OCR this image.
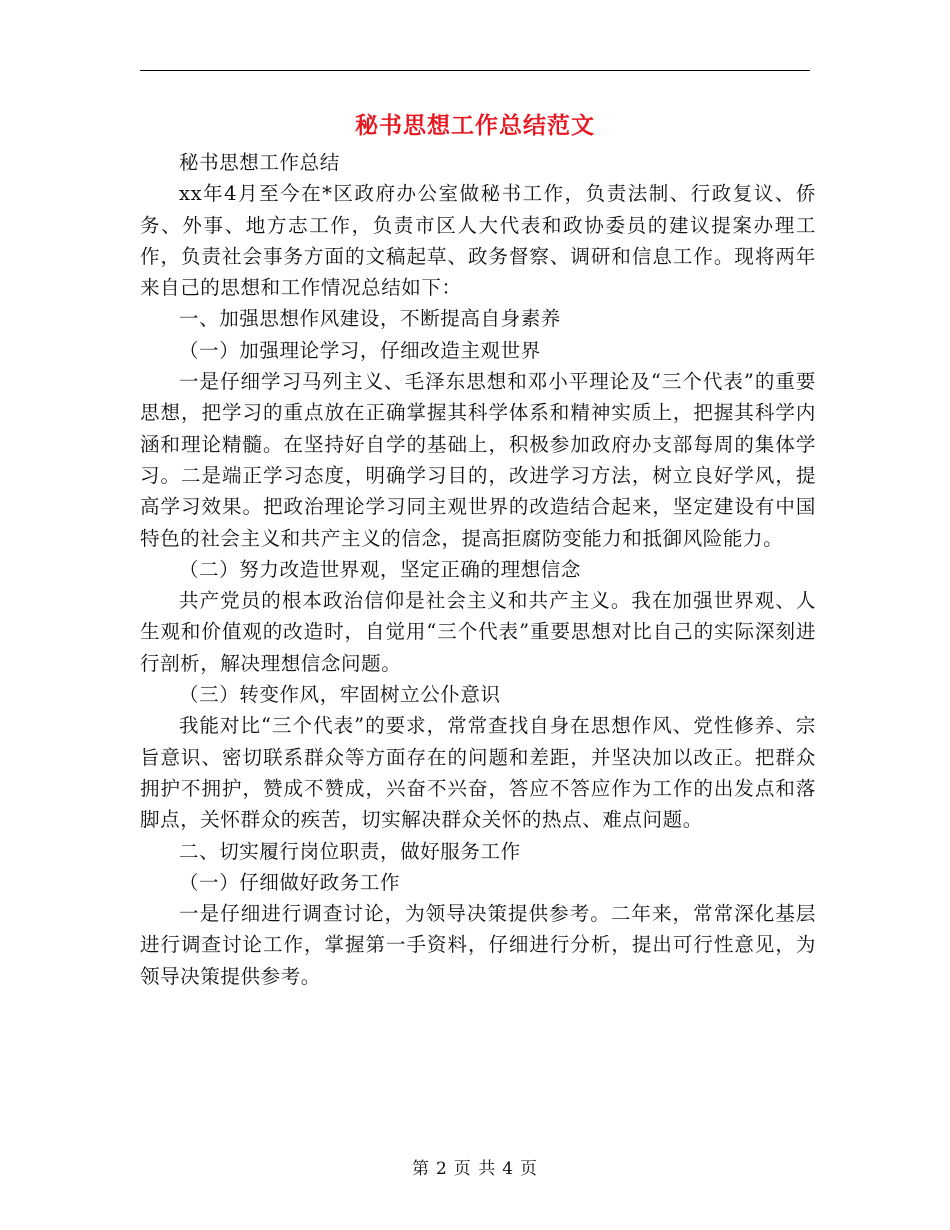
秘书思想工作总结范文

秘书思想工作总结

xx年4月至今在*区政府办公室做秘书工作，负责法制、行政复议、侨务、外事、地方志工作，负责市区人大代表和政协委员的建议提案办理工作，负责社会事务方面的文稿起草、政务督察、调研和信息工作。现将两年来自己的思想和工作情况总结如下：

一、加强思想作风建设，不断提高自身素养

（一）加强理论学习，仔细改造主观世界

一是仔细学习马列主义、毛泽东思想和邓小平理论及“三个代表”的重要思想，把学习的重点放在正确掌握其科学体系和精神实质上，把握其科学内涵和理论精髓。在坚持好自学的基础上，积极参加政府办支部每周的集体学习。二是端正学习态度，明确学习目的，改进学习方法，树立良好学风，提高学习效果。把政治理论学习同主观世界的改造结合起来，坚定建设有中国特色的社会主义和共产主义的信念，提高拒腐防变能力和抵御风险能力。

（二）努力改造世界观，坚定正确的理想信念

共产党员的根本政治信仰是社会主义和共产主义。我在加强世界观、人生观和价值观的改造时，自觉用“三个代表”重要思想对比自己的实际深刻进行剖析，解决理想信念问题。

（三）转变作风，牢固树立公仆意识

我能对比“三个代表”的要求，常常查找自身在思想作风、党性修养、宗旨意识、密切联系群众等方面存在的问题和差距，并坚决加以改正。把群众拥护不拥护，赞成不赞成，兴奋不兴奋，答应不答应作为工作的出发点和落脚点，关怀群众的疾苦，切实解决群众关怀的热点、难点问题。

二、切实履行岗位职责，做好服务工作

（一）仔细做好政务工作

一是仔细进行调查讨论，为领导决策提供参考。二年来，常常深化基层进行调查讨论工作，掌握第一手资料，仔细进行分析，提出可行性意见，为领导决策提供参考。

第 2 页 共 4 页
